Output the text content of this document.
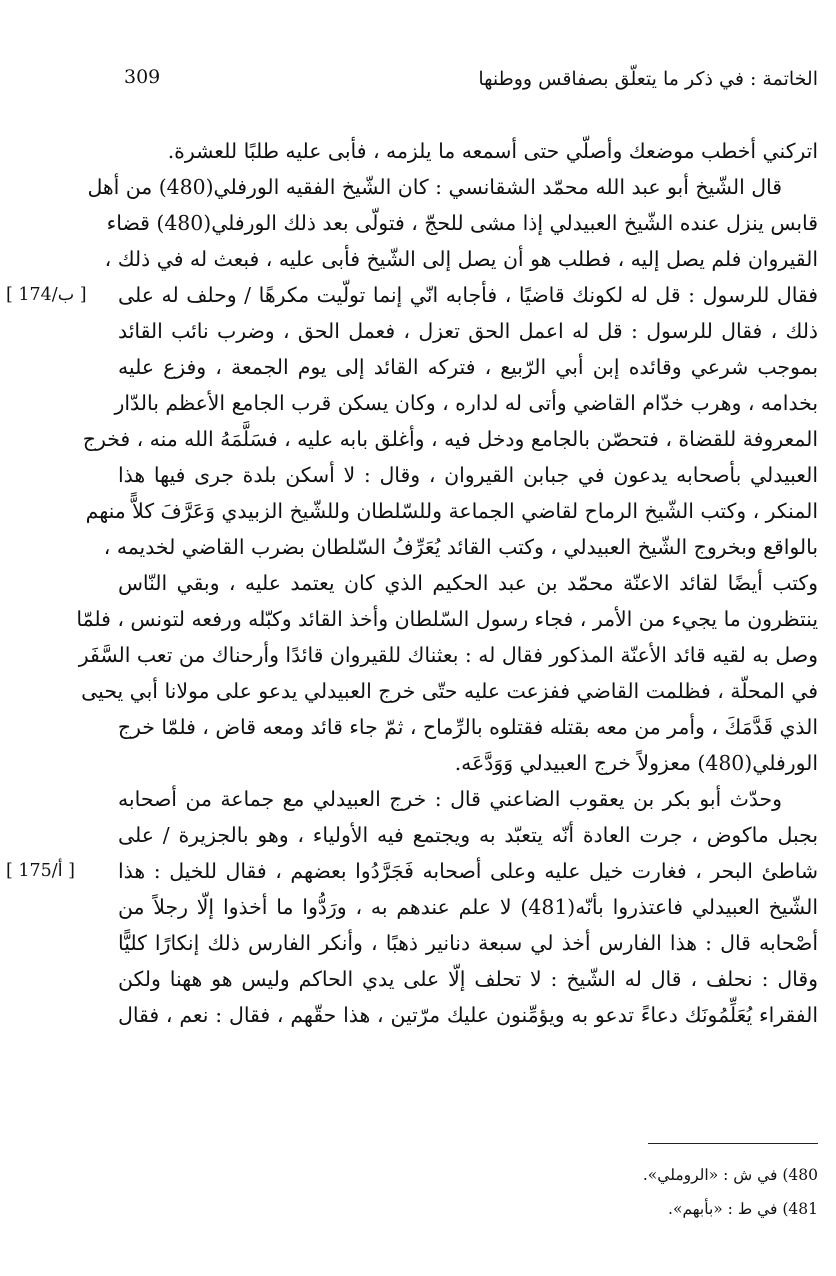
الخاتمة : في ذكر ما يتعلّق بصفاقس ووطنها
309
اتركني أخطب موضعك وأصلّي حتى أسمعه ما يلزمه ، فأبى عليه طلبًا للعشرة.
قال الشّيخ أبو عبد الله محمّد الشقانسي : كان الشّيخ الفقيه الورفلي(480) من أهل
قابس ينزل عنده الشّيخ العبيدلي إذا مشى للحجّ ، فتولّى بعد ذلك الورفلي(480) قضاء
القيروان فلم يصل إليه ، فطلب هو أن يصل إلى الشّيخ فأبى عليه ، فبعث له في ذلك ،
فقال للرسول : قل له لكونك قاضيًا ، فأجابه انّي إنما تولّيت مكرهًا / وحلف له على
ذلك ، فقال للرسول : قل له اعمل الحق تعزل ، فعمل الحق ، وضرب نائب القائد
بموجب شرعي وقائده إبن أبي الرّبيع ، فتركه القائد إلى يوم الجمعة ، وفزع عليه
بخدامه ، وهرب خدّام القاضي وأتى له لداره ، وكان يسكن قرب الجامع الأعظم بالدّار
المعروفة للقضاة ، فتحصّن بالجامع ودخل فيه ، وأغلق بابه عليه ، فسَلَّمَهُ الله منه ، فخرج
العبيدلي بأصحابه يدعون في جبابن القيروان ، وقال : لا أسكن بلدة جرى فيها هذا
المنكر ، وكتب الشّيخ الرماح لقاضي الجماعة وللسّلطان وللشّيخ الزبيدي وَعَرَّفَ كلاًّ منهم
بالواقع وبخروج الشّيخ العبيدلي ، وكتب القائد يُعَرِّفُ السّلطان بضرب القاضي لخديمه ،
وكتب أيضًا لقائد الاعنّة محمّد بن عبد الحكيم الذي كان يعتمد عليه ، وبقي النّاس
ينتظرون ما يجيء من الأمر ، فجاء رسول السّلطان وأخذ القائد وكبّله ورفعه لتونس ، فلمّا
وصل به لقيه قائد الأعنّة المذكور فقال له : بعثناك للقيروان قائدًا وأرحناك من تعب السَّفَر
في المحلّة ، فظلمت القاضي ففزعت عليه حتّى خرج العبيدلي يدعو على مولانا أبي يحيى
الذي قَدَّمَكَ ، وأمر من معه بقتله فقتلوه بالرِّماح ، ثمّ جاء قائد ومعه قاض ، فلمّا خرج
الورفلي(480) معزولاً خرج العبيدلي وَوَدَّعَه.
وحدّث أبو بكر بن يعقوب الضاعني قال : خرج العبيدلي مع جماعة من أصحابه
بجبل ماكوض ، جرت العادة أنّه يتعبّد به ويجتمع فيه الأولياء ، وهو بالجزيرة / على
شاطئ البحر ، فغارت خيل عليه وعلى أصحابه فَجَرَّدُوا بعضهم ، فقال للخيل : هذا
الشّيخ العبيدلي فاعتذروا بأنّه(481) لا علم عندهم به ، ورَدُّوا ما أخذوا إلّا رجلاً من
أصْحابه قال : هذا الفارس أخذ لي سبعة دنانير ذهبًا ، وأنكر الفارس ذلك إنكارًا كليًّا
وقال : نحلف ، قال له الشّيخ : لا تحلف إلّا على يدي الحاكم وليس هو ههنا ولكن
الفقراء يُعَلِّمُونَك دعاءً تدعو به ويؤمِّنون عليك مرّتين ، هذا حقّهم ، فقال : نعم ، فقال
[ 174/ب ]
[ 175/أ ]
480) في ش : «الروملي».
481) في ط : «بأبهم».
